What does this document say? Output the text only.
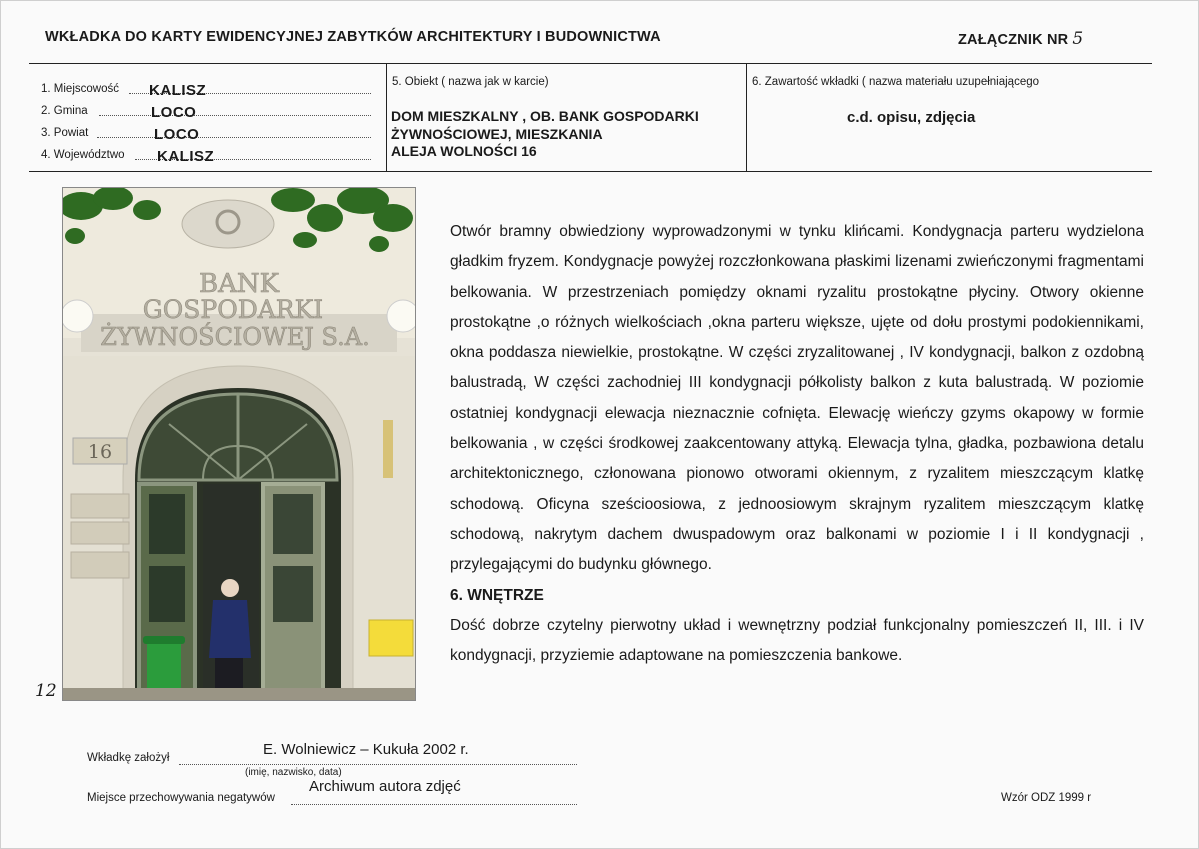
WKŁADKA DO KARTY EWIDENCYJNEJ ZABYTKÓW ARCHITEKTURY I BUDOWNICTWA	ZAŁĄCZNIK NR 5
1. Miejscowość KALISZ
2. Gmina	LOCO
3. Powiat	LOCO
4. Województwo KALISZ
5. Obiekt ( nazwa jak w karcie)
DOM MIESZKALNY , OB. BANK GOSPODARKI
ŻYWNOŚCIOWEJ, MIESZKANIA
ALEJA WOLNOŚCI 16
6. Zawartość wkładki ( nazwa materiału uzupełniającego
c.d. opisu, zdjęcia
BANK
GOSPODARKI
ŻYWNOŚCIOWEJ S.A.
16
12

Otwór bramny obwiedziony wyprowadzonymi w tynku klińcami. Kondygnacja parteru wydzielona gładkim fryzem. Kondygnacje powyżej rozczłonkowana płaskimi lizenami zwieńczonymi fragmentami belkowania. W przestrzeniach pomiędzy oknami ryzalitu prostokątne płyciny. Otwory okienne prostokątne ,o różnych wielkościach ,okna parteru większe, ujęte od dołu prostymi podokiennikami, okna poddasza niewielkie, prostokątne. W części zryzalitowanej , IV kondygnacji, balkon z ozdobną balustradą, W części zachodniej III kondygnacji półkolisty balkon z kuta balustradą. W poziomie ostatniej kondygnacji elewacja nieznacznie cofnięta. Elewację wieńczy gzyms okapowy w formie belkowania , w części środkowej zaakcentowany attyką. Elewacja tylna, gładka, pozbawiona detalu architektonicznego, członowana pionowo otworami okiennym, z ryzalitem mieszczącym klatkę schodową. Oficyna sześcioosiowa, z jednoosiowym skrajnym ryzalitem mieszczącym klatkę schodową, nakrytym dachem dwuspadowym oraz balkonami w poziomie I i II kondygnacji , przylegającymi do budynku głównego.

6. WNĘTRZE

Dość dobrze czytelny pierwotny układ i wewnętrzny podział funkcjonalny pomieszczeń II, III. i IV kondygnacji, przyziemie adaptowane na pomieszczenia bankowe.

Wkładkę założył	E. Wolniewicz – Kukuła 2002 r.
(imię, nazwisko, data)
Miejsce przechowywania negatywów
Archiwum autora zdjęć
Wzór ODZ 1999 r
